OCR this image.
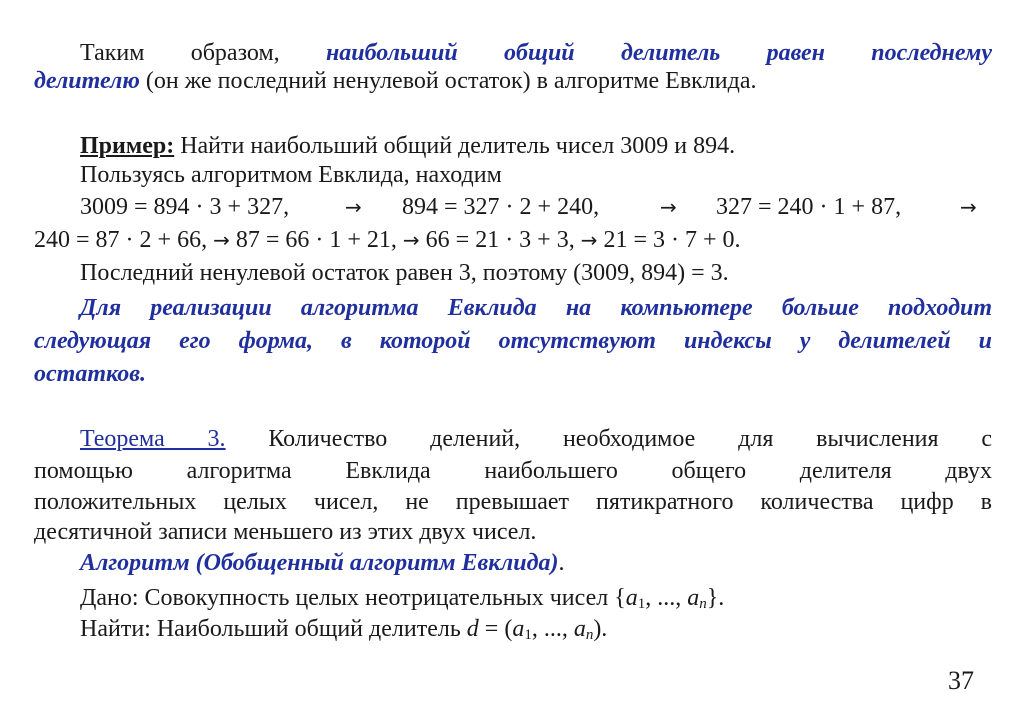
Таким образом, наибольший общий делитель равен последнему
делителю (он же последний ненулевой остаток) в алгоритме Евклида.
Пример: Найти наибольший общий делитель чисел 3009 и 894.
Пользуясь алгоритмом Евклида, находим
3009 = 894 · 3 + 327,	→ 894 = 327 · 2 + 240,	→ 327 = 240 · 1 + 87,	→
240 = 87 · 2 + 66, → 87 = 66 · 1 + 21, → 66 = 21 · 3 + 3, → 21 = 3 · 7 + 0.
Последний ненулевой остаток равен 3, поэтому (3009, 894) = 3.
Для реализации алгоритма Евклида на компьютере больше подходит
следующая его форма, в которой отсутствуют индексы у делителей и
остатков.
Теорема 3. Количество делений, необходимое для вычисления с
помощью алгоритма Евклида наибольшего общего делителя двух
положительных целых чисел, не превышает пятикратного количества цифр в
десятичной записи меньшего из этих двух чисел.
Алгоритм (Обобщенный алгоритм Евклида).
Дано: Совокупность целых неотрицательных чисел {$a_1$, ..., $a_n$}.
Найти: Наибольший общий делитель $d = (a_1$, ..., $a_n$).
37
